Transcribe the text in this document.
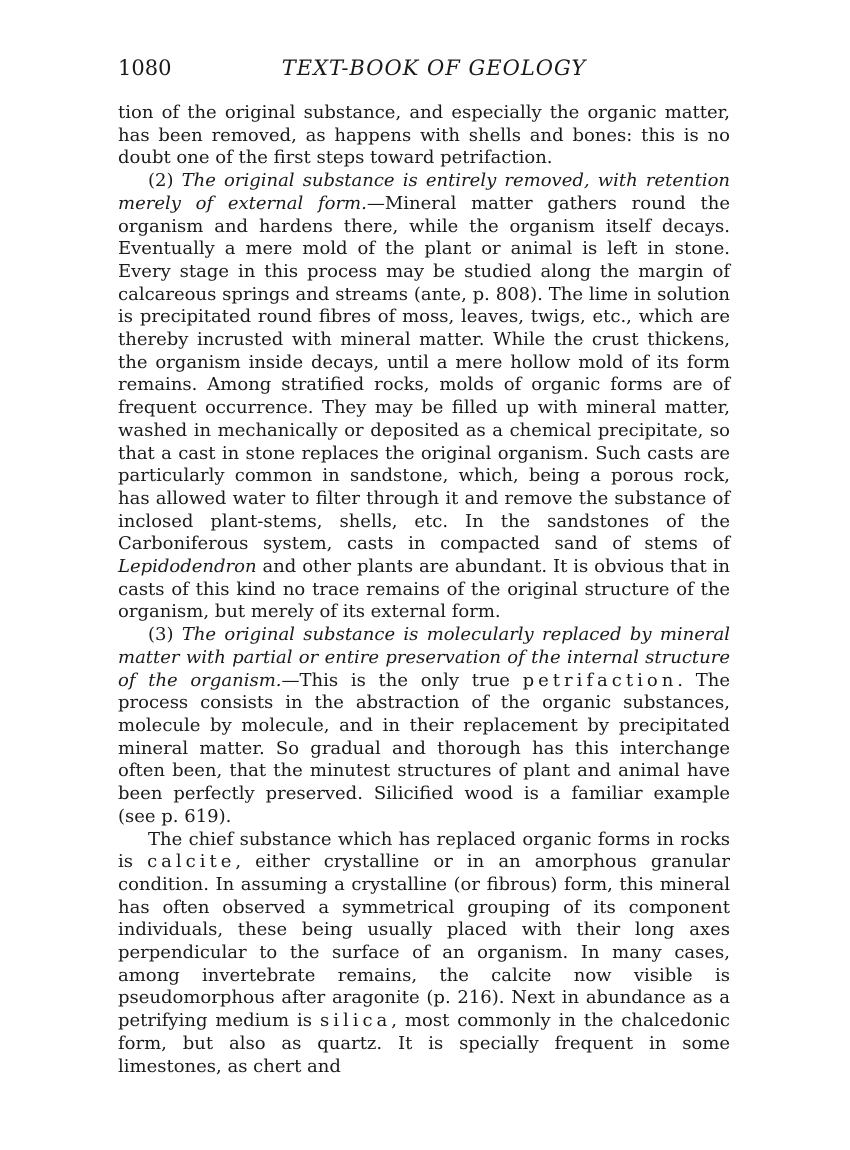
1080	TEXT-BOOK OF GEOLOGY

tion of the original substance, and especially the organic matter, has been removed, as happens with shells and bones: this is no doubt one of the first steps toward petrifaction.

(2) The original substance is entirely removed, with retention merely of external form.—Mineral matter gathers round the organism and hardens there, while the organism itself decays. Eventually a mere mold of the plant or animal is left in stone. Every stage in this process may be studied along the margin of calcareous springs and streams (ante, p. 808). The lime in solution is precipitated round fibres of moss, leaves, twigs, etc., which are thereby incrusted with mineral matter. While the crust thickens, the organism inside decays, until a mere hollow mold of its form remains. Among stratified rocks, molds of organic forms are of frequent occurrence. They may be filled up with mineral matter, washed in mechanically or deposited as a chemical precipitate, so that a cast in stone replaces the original organism. Such casts are particularly common in sandstone, which, being a porous rock, has allowed water to filter through it and remove the substance of inclosed plant-stems, shells, etc. In the sandstones of the Carboniferous system, casts in compacted sand of stems of Lepidodendron and other plants are abundant. It is obvious that in casts of this kind no trace remains of the original structure of the organism, but merely of its external form.

(3) The original substance is molecularly replaced by mineral matter with partial or entire preservation of the internal structure of the organism.—This is the only true petrifaction. The process consists in the abstraction of the organic substances, molecule by molecule, and in their replacement by precipitated mineral matter. So gradual and thorough has this interchange often been, that the minutest structures of plant and animal have been perfectly preserved. Silicified wood is a familiar example (see p. 619).

The chief substance which has replaced organic forms in rocks is calcite, either crystalline or in an amorphous granular condition. In assuming a crystalline (or fibrous) form, this mineral has often observed a symmetrical grouping of its component individuals, these being usually placed with their long axes perpendicular to the surface of an organism. In many cases, among invertebrate remains, the calcite now visible is pseudomorphous after aragonite (p. 216). Next in abundance as a petrifying medium is silica, most commonly in the chalcedonic form, but also as quartz. It is specially frequent in some limestones, as chert and
